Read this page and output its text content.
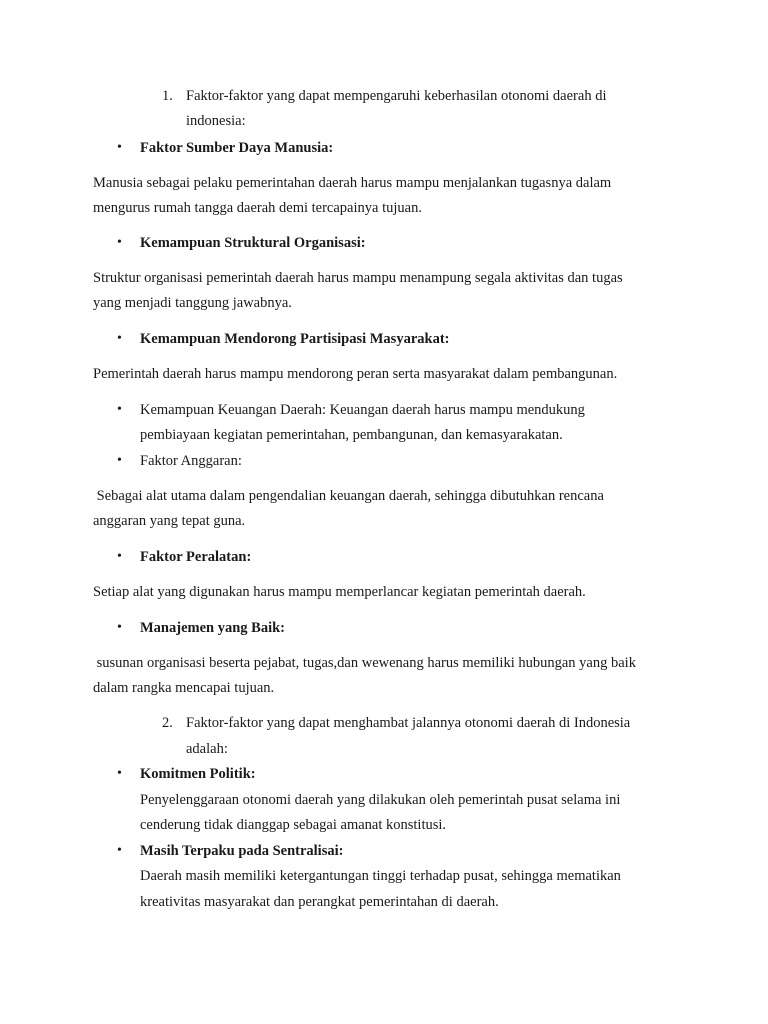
1. Faktor-faktor yang dapat mempengaruhi keberhasilan otonomi daerah di
indonesia:
• Faktor Sumber Daya Manusia:
Manusia sebagai pelaku pemerintahan daerah harus mampu menjalankan tugasnya dalam
mengurus rumah tangga daerah demi tercapainya tujuan.
• Kemampuan Struktural Organisasi:
Struktur organisasi pemerintah daerah harus mampu menampung segala aktivitas dan tugas
yang menjadi tanggung jawabnya.
• Kemampuan Mendorong Partisipasi Masyarakat:
Pemerintah daerah harus mampu mendorong peran serta masyarakat dalam pembangunan.
• Kemampuan Keuangan Daerah: Keuangan daerah harus mampu mendukung
pembiayaan kegiatan pemerintahan, pembangunan, dan kemasyarakatan.
• Faktor Anggaran:
Sebagai alat utama dalam pengendalian keuangan daerah, sehingga dibutuhkan rencana
anggaran yang tepat guna.
• Faktor Peralatan:
Setiap alat yang digunakan harus mampu memperlancar kegiatan pemerintah daerah.
• Manajemen yang Baik:
susunan organisasi beserta pejabat, tugas,dan wewenang harus memiliki hubungan yang baik
dalam rangka mencapai tujuan.
2. Faktor-faktor yang dapat menghambat jalannya otonomi daerah di Indonesia
adalah:
• Komitmen Politik:
Penyelenggaraan otonomi daerah yang dilakukan oleh pemerintah pusat selama ini
cenderung tidak dianggap sebagai amanat konstitusi.
• Masih Terpaku pada Sentralisai:
Daerah masih memiliki ketergantungan tinggi terhadap pusat, sehingga mematikan
kreativitas masyarakat dan perangkat pemerintahan di daerah.
